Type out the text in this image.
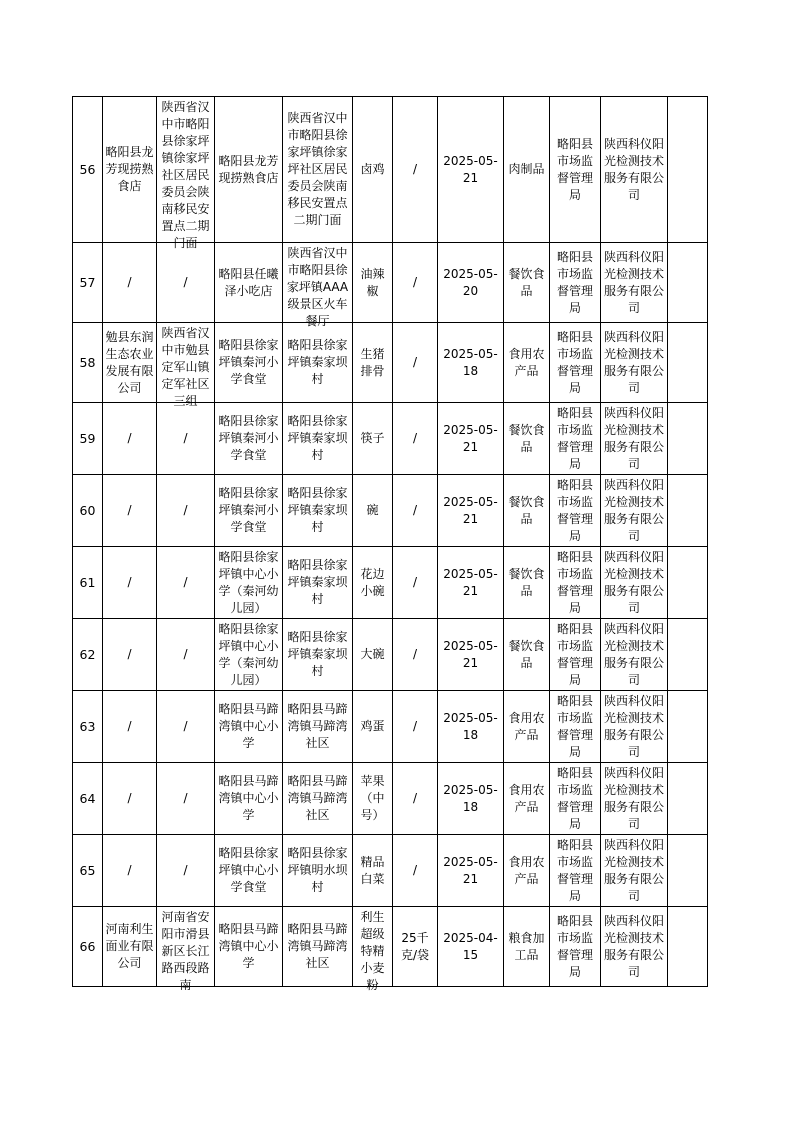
56	略阳县龙芳现捞熟食店	陕西省汉中市略阳县徐家坪镇徐家坪社区居民委员会陕南移民安置点二期门面	略阳县龙芳现捞熟食店	陕西省汉中市略阳县徐家坪镇徐家坪社区居民委员会陕南移民安置点二期门面	卤鸡	/	2025-05-21	肉制品	略阳县市场监督管理局	陕西科仪阳光检测技术服务有限公司	

57	/	/	略阳县任曦泽小吃店	陕西省汉中市略阳县徐家坪镇AAA级景区火车餐厅	油辣椒	/	2025-05-20	餐饮食品	略阳县市场监督管理局	陕西科仪阳光检测技术服务有限公司	

58	勉县东润生态农业发展有限公司	陕西省汉中市勉县定军山镇定军社区三组	略阳县徐家坪镇秦河小学食堂	略阳县徐家坪镇秦家坝村	生猪排骨	/	2025-05-18	食用农产品	略阳县市场监督管理局	陕西科仪阳光检测技术服务有限公司	

59	/	/	略阳县徐家坪镇秦河小学食堂	略阳县徐家坪镇秦家坝村	筷子	/	2025-05-21	餐饮食品	略阳县市场监督管理局	陕西科仪阳光检测技术服务有限公司	

60	/	/	略阳县徐家坪镇秦河小学食堂	略阳县徐家坪镇秦家坝村	碗	/	2025-05-21	餐饮食品	略阳县市场监督管理局	陕西科仪阳光检测技术服务有限公司	

61	/	/	略阳县徐家坪镇中心小学（秦河幼儿园）	略阳县徐家坪镇秦家坝村	花边小碗	/	2025-05-21	餐饮食品	略阳县市场监督管理局	陕西科仪阳光检测技术服务有限公司	

62	/	/	略阳县徐家坪镇中心小学（秦河幼儿园）	略阳县徐家坪镇秦家坝村	大碗	/	2025-05-21	餐饮食品	略阳县市场监督管理局	陕西科仪阳光检测技术服务有限公司	

63	/	/	略阳县马蹄湾镇中心小学	略阳县马蹄湾镇马蹄湾社区	鸡蛋	/	2025-05-18	食用农产品	略阳县市场监督管理局	陕西科仪阳光检测技术服务有限公司	

64	/	/	略阳县马蹄湾镇中心小学	略阳县马蹄湾镇马蹄湾社区	苹果（中号）	/	2025-05-18	食用农产品	略阳县市场监督管理局	陕西科仪阳光检测技术服务有限公司	

65	/	/	略阳县徐家坪镇中心小学食堂	略阳县徐家坪镇明水坝村	精品白菜	/	2025-05-21	食用农产品	略阳县市场监督管理局	陕西科仪阳光检测技术服务有限公司	

66	河南利生面业有限公司	河南省安阳市滑县新区长江路西段路南	略阳县马蹄湾镇中心小学	略阳县马蹄湾镇马蹄湾社区	利生超级特精小麦粉	25千克/袋	2025-04-15	粮食加工品	略阳县市场监督管理局	陕西科仪阳光检测技术服务有限公司	
